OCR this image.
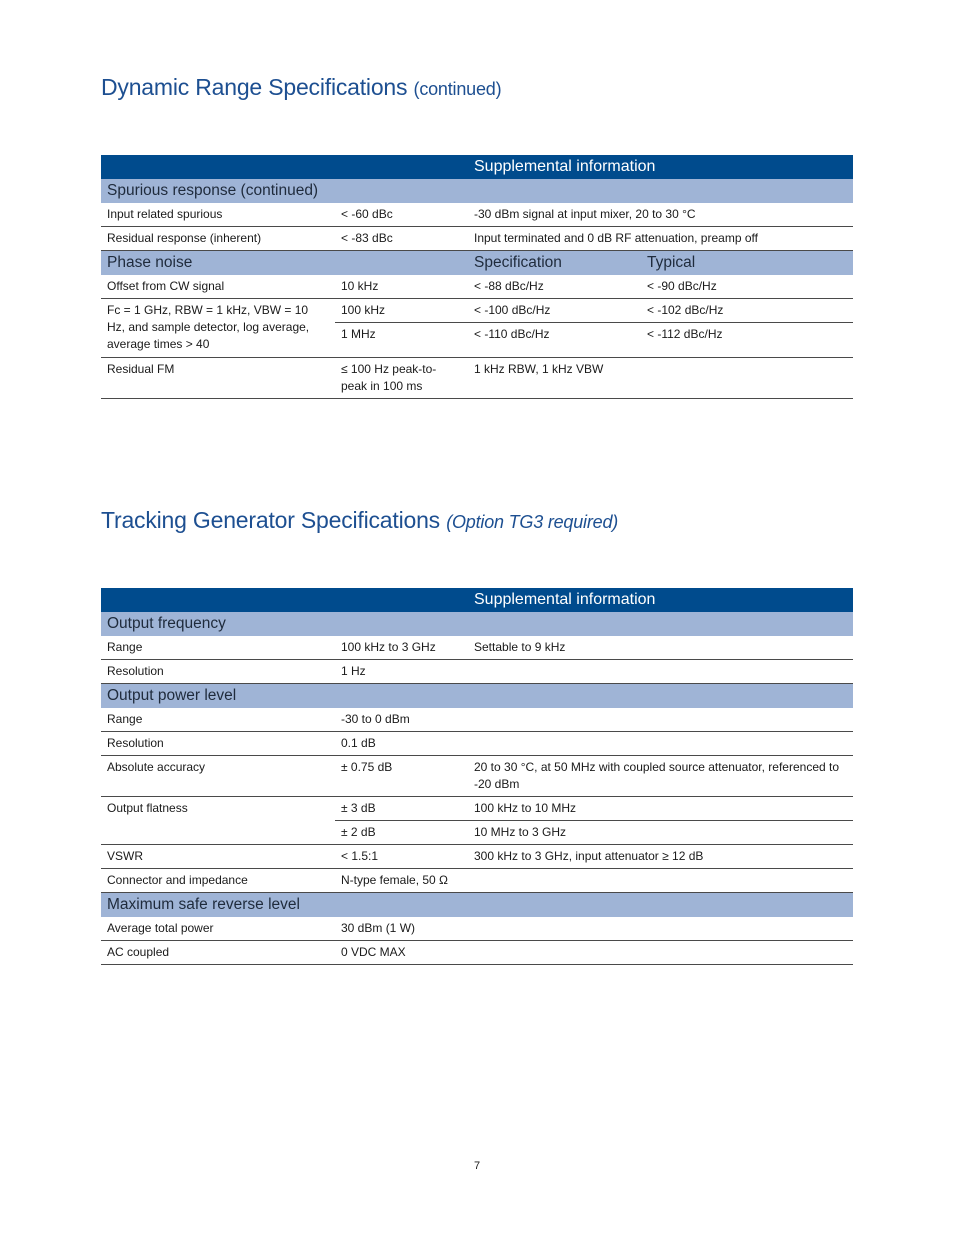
Dynamic Range Specifications (continued)
		Supplemental information	
Spurious response (continued)			
Input related spurious	< -60 dBc	-30 dBm signal at input mixer, 20 to 30 °C	
Residual response (inherent)	< -83 dBc	Input terminated and 0 dB RF attenuation, preamp off	
Phase noise		Specification	Typical
Offset from CW signal	10 kHz	< -88 dBc/Hz	< -90 dBc/Hz
Fc = 1 GHz, RBW = 1 kHz, VBW = 10 Hz, and sample detector, log average, average times > 40	100 kHz	< -100 dBc/Hz	< -102 dBc/Hz
	1 MHz	< -110 dBc/Hz	< -112 dBc/Hz
Residual FM	≤ 100 Hz peak-to-peak in 100 ms	1 kHz RBW, 1 kHz VBW	
Tracking Generator Specifications (Option TG3 required)
		Supplemental information
Output frequency		
Range	100 kHz to 3 GHz	Settable to 9 kHz
Resolution	1 Hz	
Output power level		
Range	-30 to 0 dBm	
Resolution	0.1 dB	
Absolute accuracy	± 0.75 dB	20 to 30 °C, at 50 MHz with coupled source attenuator, referenced to -20 dBm
Output flatness	± 3 dB	100 kHz to 10 MHz
	± 2 dB	10 MHz to 3 GHz
VSWR	< 1.5:1	300 kHz to 3 GHz, input attenuator ≥ 12 dB
Connector and impedance	N-type female, 50 Ω	
Maximum safe reverse level		
Average total power	30 dBm (1 W)	
AC coupled	0 VDC MAX	
7
